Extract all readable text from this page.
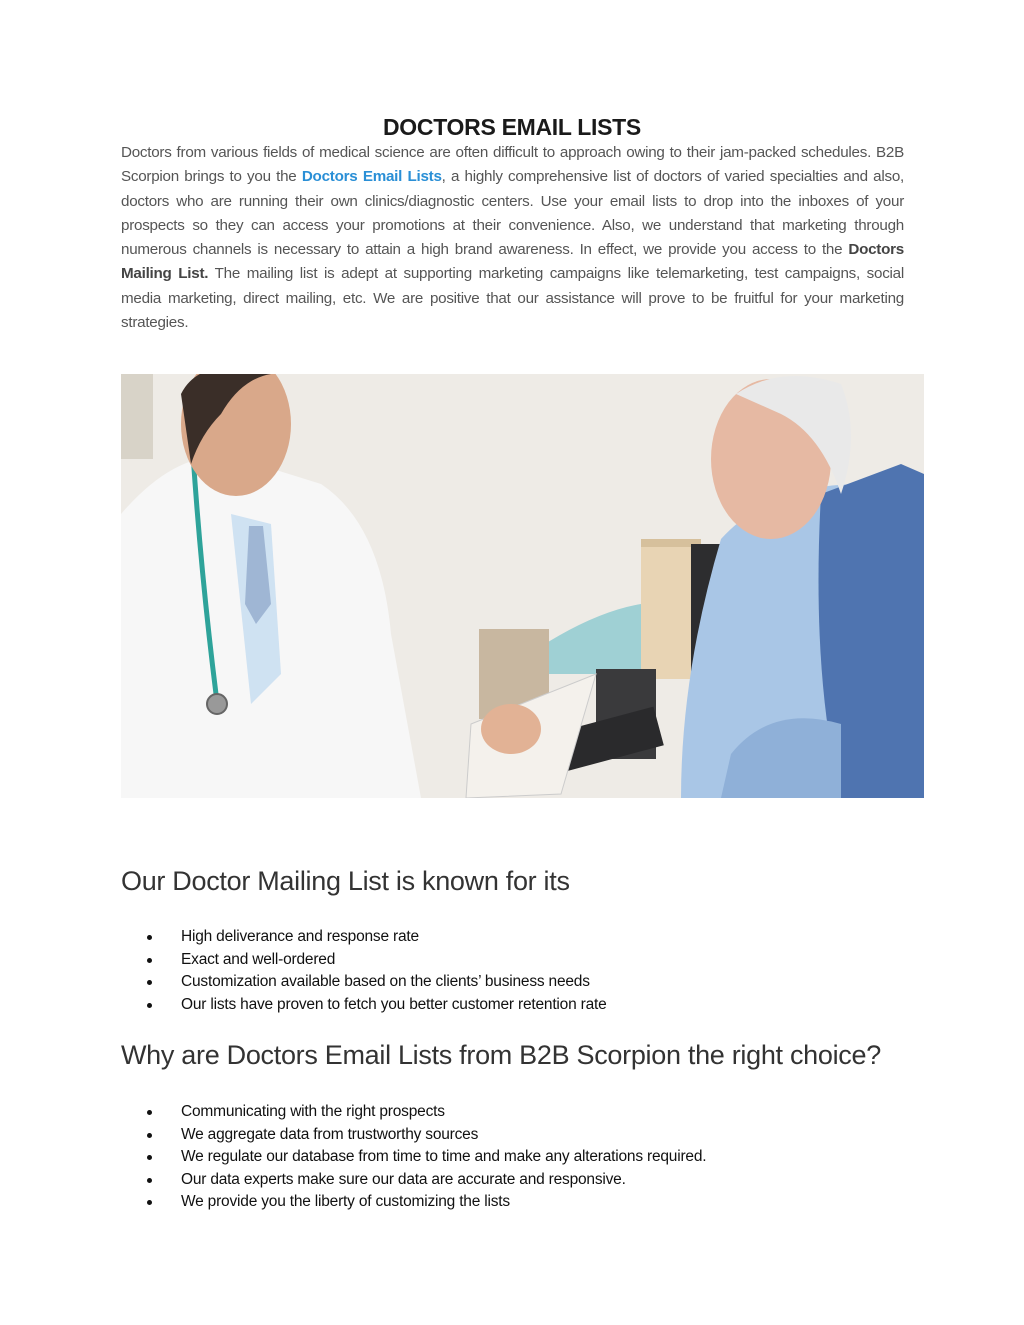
DOCTORS EMAIL LISTS

Doctors from various fields of medical science are often difficult to approach owing to their jam-packed schedules. B2B Scorpion brings to you the Doctors Email Lists, a highly comprehensive list of doctors of varied specialties and also, doctors who are running their own clinics/diagnostic centers. Use your email lists to drop into the inboxes of your prospects so they can access your promotions at their convenience. Also, we understand that marketing through numerous channels is necessary to attain a high brand awareness. In effect, we provide you access to the Doctors Mailing List. The mailing list is adept at supporting marketing campaigns like telemarketing, test campaigns, social media marketing, direct mailing, etc. We are positive that our assistance will prove to be fruitful for your marketing strategies.

Our Doctor Mailing List is known for its
High deliverance and response rate
Exact and well-ordered
Customization available based on the clients’ business needs
Our lists have proven to fetch you better customer retention rate
Why are Doctors Email Lists from B2B Scorpion the right choice?
Communicating with the right prospects
We aggregate data from trustworthy sources
We regulate our database from time to time and make any alterations required.
Our data experts make sure our data are accurate and responsive.
We provide you the liberty of customizing the lists
